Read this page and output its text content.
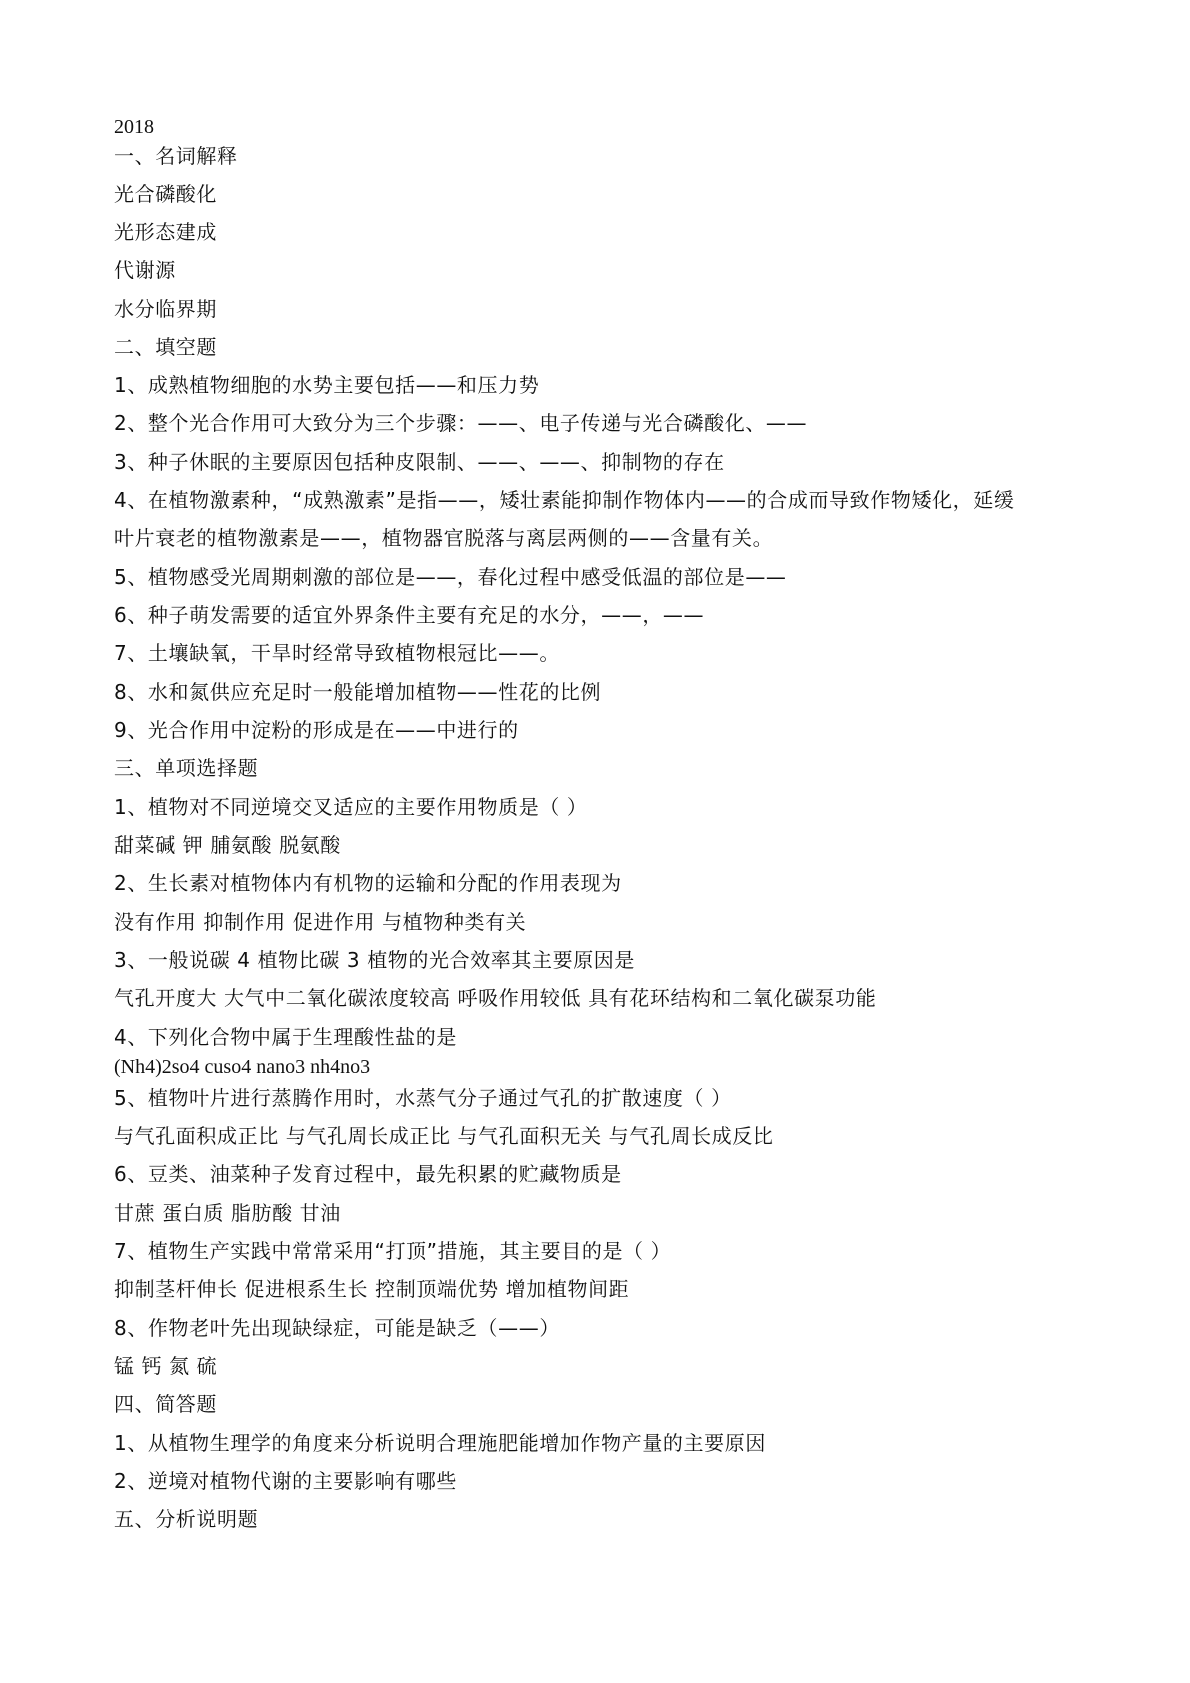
2018
一、名词解释
光合磷酸化
光形态建成
代谢源
水分临界期
二、填空题
1、成熟植物细胞的水势主要包括——和压力势
2、整个光合作用可大致分为三个步骤：——、电子传递与光合磷酸化、——
3、种子休眠的主要原因包括种皮限制、——、——、抑制物的存在
4、在植物激素种，“成熟激素”是指——，矮壮素能抑制作物体内——的合成而导致作物矮化，延缓
叶片衰老的植物激素是——，植物器官脱落与离层两侧的——含量有关。
5、植物感受光周期刺激的部位是——，春化过程中感受低温的部位是——
6、种子萌发需要的适宜外界条件主要有充足的水分，——，——
7、土壤缺氧，干旱时经常导致植物根冠比——。
8、水和氮供应充足时一般能增加植物——性花的比例
9、光合作用中淀粉的形成是在——中进行的
三、单项选择题
1、植物对不同逆境交叉适应的主要作用物质是（ ）
甜菜碱 钾 脯氨酸 脱氨酸
2、生长素对植物体内有机物的运输和分配的作用表现为
没有作用 抑制作用 促进作用 与植物种类有关
3、一般说碳 4 植物比碳 3 植物的光合效率其主要原因是
气孔开度大 大气中二氧化碳浓度较高 呼吸作用较低 具有花环结构和二氧化碳泵功能
4、下列化合物中属于生理酸性盐的是
(Nh4)2so4 cuso4 nano3 nh4no3
5、植物叶片进行蒸腾作用时，水蒸气分子通过气孔的扩散速度（ ）
与气孔面积成正比 与气孔周长成正比 与气孔面积无关 与气孔周长成反比
6、豆类、油菜种子发育过程中，最先积累的贮藏物质是
甘蔗 蛋白质 脂肪酸 甘油
7、植物生产实践中常常采用“打顶”措施，其主要目的是（ ）
抑制茎杆伸长 促进根系生长 控制顶端优势 增加植物间距
8、作物老叶先出现缺绿症，可能是缺乏（——）
锰 钙 氮 硫
四、简答题
1、从植物生理学的角度来分析说明合理施肥能增加作物产量的主要原因
2、逆境对植物代谢的主要影响有哪些
五、分析说明题
